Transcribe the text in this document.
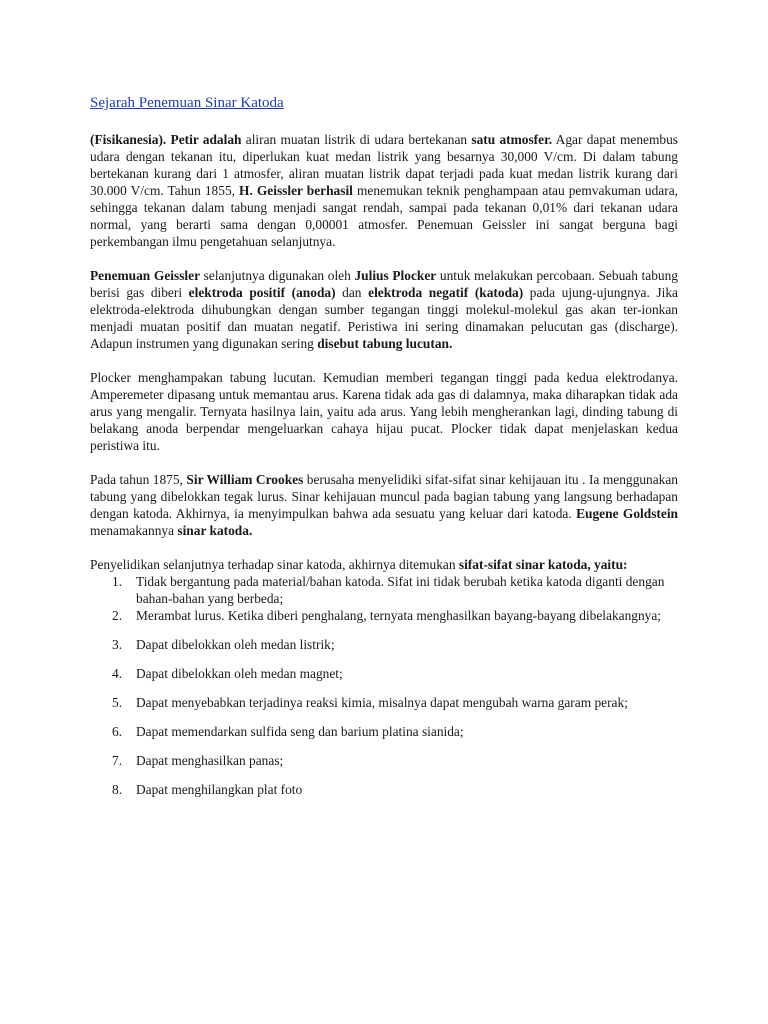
Sejarah Penemuan Sinar Katoda

(Fisikanesia). Petir adalah aliran muatan listrik di udara bertekanan satu atmosfer. Agar dapat menembus udara dengan tekanan itu, diperlukan kuat medan listrik yang besarnya 30,000 V/cm. Di dalam tabung bertekanan kurang dari 1 atmosfer, aliran muatan listrik dapat terjadi pada kuat medan listrik kurang dari 30.000 V/cm. Tahun 1855, H. Geissler berhasil menemukan teknik penghampaan atau pemvakuman udara, sehingga tekanan dalam tabung menjadi sangat rendah, sampai pada tekanan 0,01% dari tekanan udara normal, yang berarti sama dengan 0,00001 atmosfer. Penemuan Geissler ini sangat berguna bagi perkembangan ilmu pengetahuan selanjutnya.

Penemuan Geissler selanjutnya digunakan oleh Julius Plocker untuk melakukan percobaan. Sebuah tabung berisi gas diberi elektroda positif (anoda) dan elektroda negatif (katoda) pada ujung-ujungnya. Jika elektroda-elektroda dihubungkan dengan sumber tegangan tinggi molekul-molekul gas akan ter-ionkan menjadi muatan positif dan muatan negatif. Peristiwa ini sering dinamakan pelucutan gas (discharge). Adapun instrumen yang digunakan sering disebut tabung lucutan.

Plocker menghampakan tabung lucutan. Kemudian memberi tegangan tinggi pada kedua elektrodanya. Amperemeter dipasang untuk memantau arus. Karena tidak ada gas di dalamnya, maka diharapkan tidak ada arus yang mengalir. Ternyata hasilnya lain, yaitu ada arus. Yang lebih mengherankan lagi, dinding tabung di belakang anoda berpendar mengeluarkan cahaya hijau pucat. Plocker tidak dapat menjelaskan kedua peristiwa itu.

Pada tahun 1875, Sir William Crookes berusaha menyelidiki sifat-sifat sinar kehijauan itu . Ia menggunakan tabung yang dibelokkan tegak lurus. Sinar kehijauan muncul pada bagian tabung yang langsung berhadapan dengan katoda. Akhirnya, ia menyimpulkan bahwa ada sesuatu yang keluar dari katoda. Eugene Goldstein menamakannya sinar katoda.

Penyelidikan selanjutnya terhadap sinar katoda, akhirnya ditemukan sifat-sifat sinar katoda, yaitu:

1. Tidak bergantung pada material/bahan katoda. Sifat ini tidak berubah ketika katoda diganti dengan bahan-bahan yang berbeda;
2. Merambat lurus. Ketika diberi penghalang, ternyata menghasilkan bayang-bayang dibelakangnya;
3. Dapat dibelokkan oleh medan listrik;
4. Dapat dibelokkan oleh medan magnet;
5. Dapat menyebabkan terjadinya reaksi kimia, misalnya dapat mengubah warna garam perak;
6. Dapat memendarkan sulfida seng dan barium platina sianida;
7. Dapat menghasilkan panas;
8. Dapat menghilangkan plat foto
